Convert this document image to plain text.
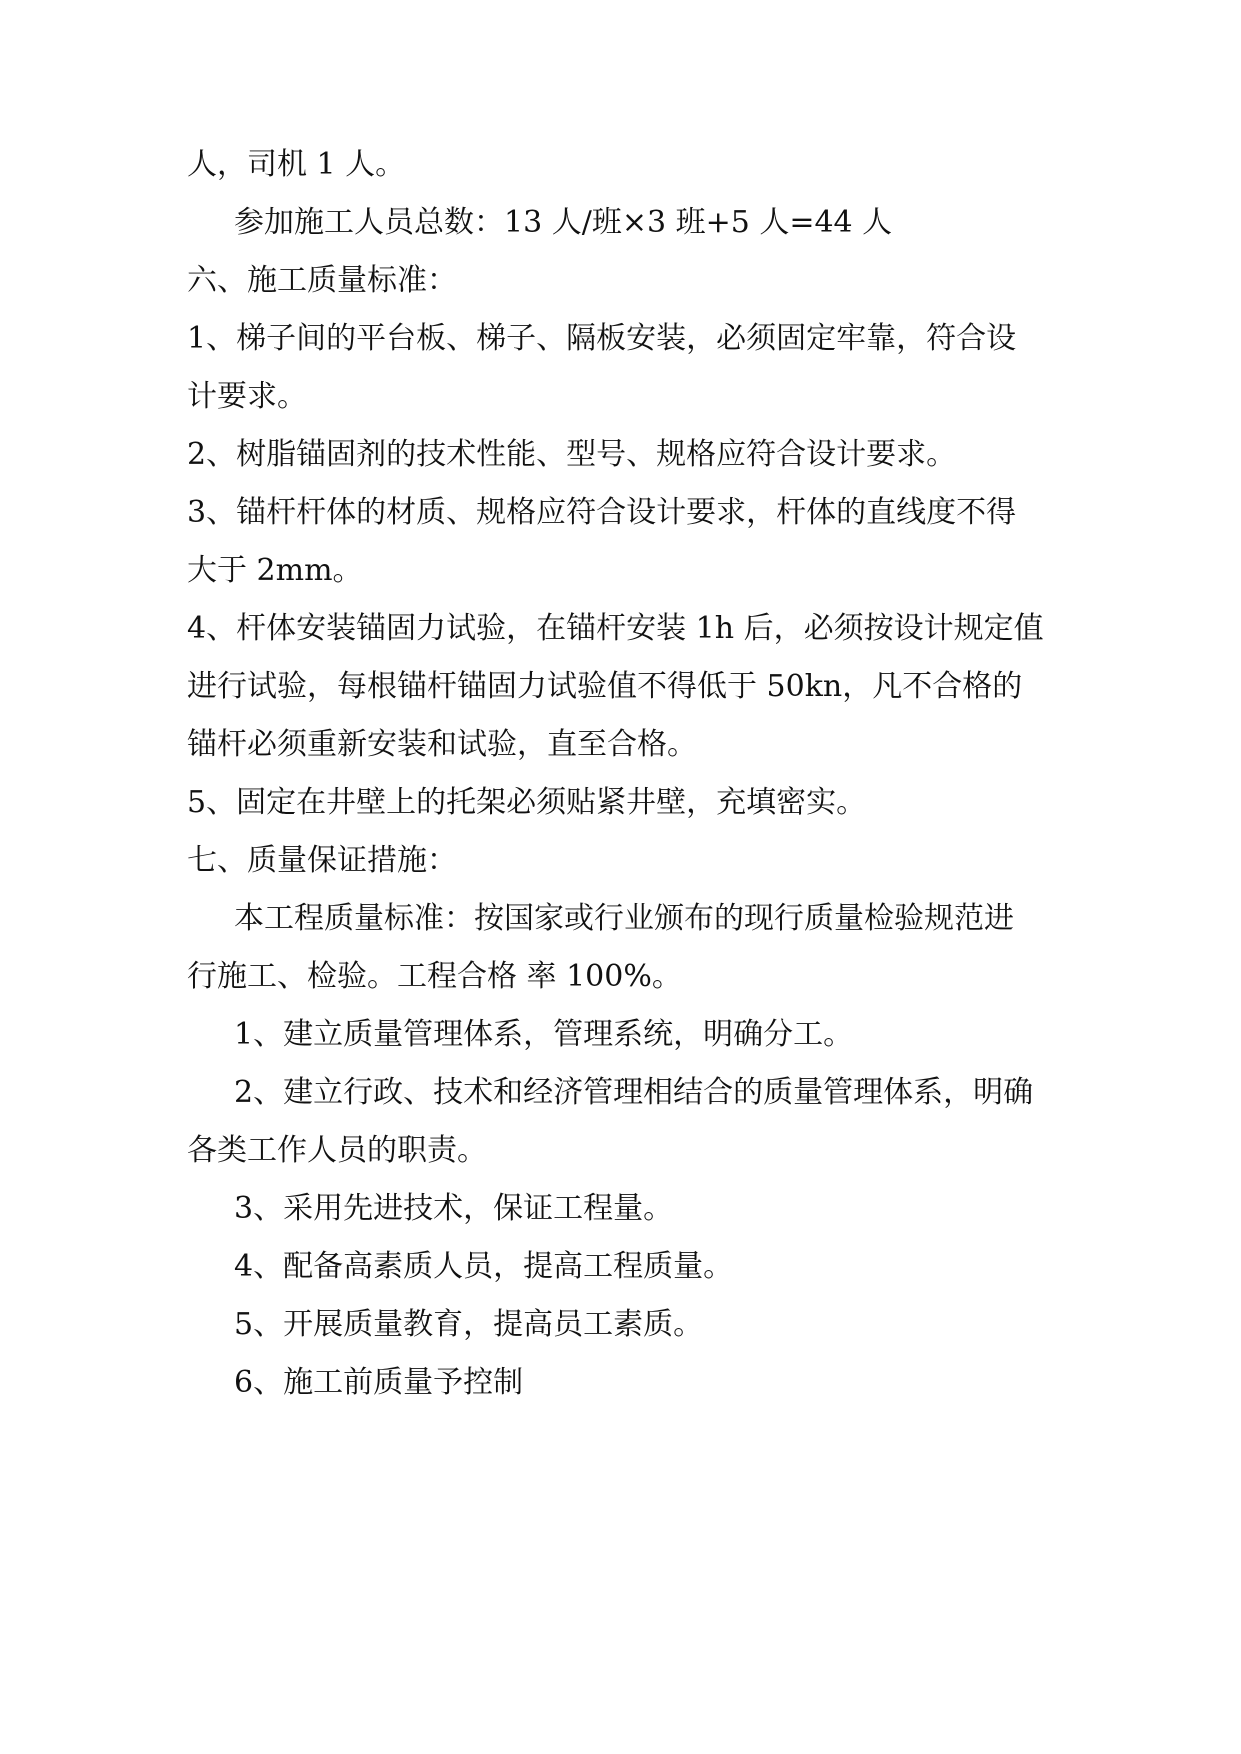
人，司机 1 人。
参加施工人员总数：13 人/班×3 班+5 人=44 人
六、施工质量标准：
1、梯子间的平台板、梯子、隔板安装，必须固定牢靠，符合设
计要求。
2、树脂锚固剂的技术性能、型号、规格应符合设计要求。
3、锚杆杆体的材质、规格应符合设计要求，杆体的直线度不得
大于 2mm。
4、杆体安装锚固力试验，在锚杆安装 1h 后，必须按设计规定值
进行试验，每根锚杆锚固力试验值不得低于 50kn，凡不合格的
锚杆必须重新安装和试验，直至合格。
5、固定在井壁上的托架必须贴紧井壁，充填密实。
七、质量保证措施：
本工程质量标准：按国家或行业颁布的现行质量检验规范进
行施工、检验。工程合格 率 100%。
1、建立质量管理体系，管理系统，明确分工。
2、建立行政、技术和经济管理相结合的质量管理体系，明确
各类工作人员的职责。
3、采用先进技术，保证工程量。
4、配备高素质人员，提高工程质量。
5、开展质量教育，提高员工素质。
6、施工前质量予控制
